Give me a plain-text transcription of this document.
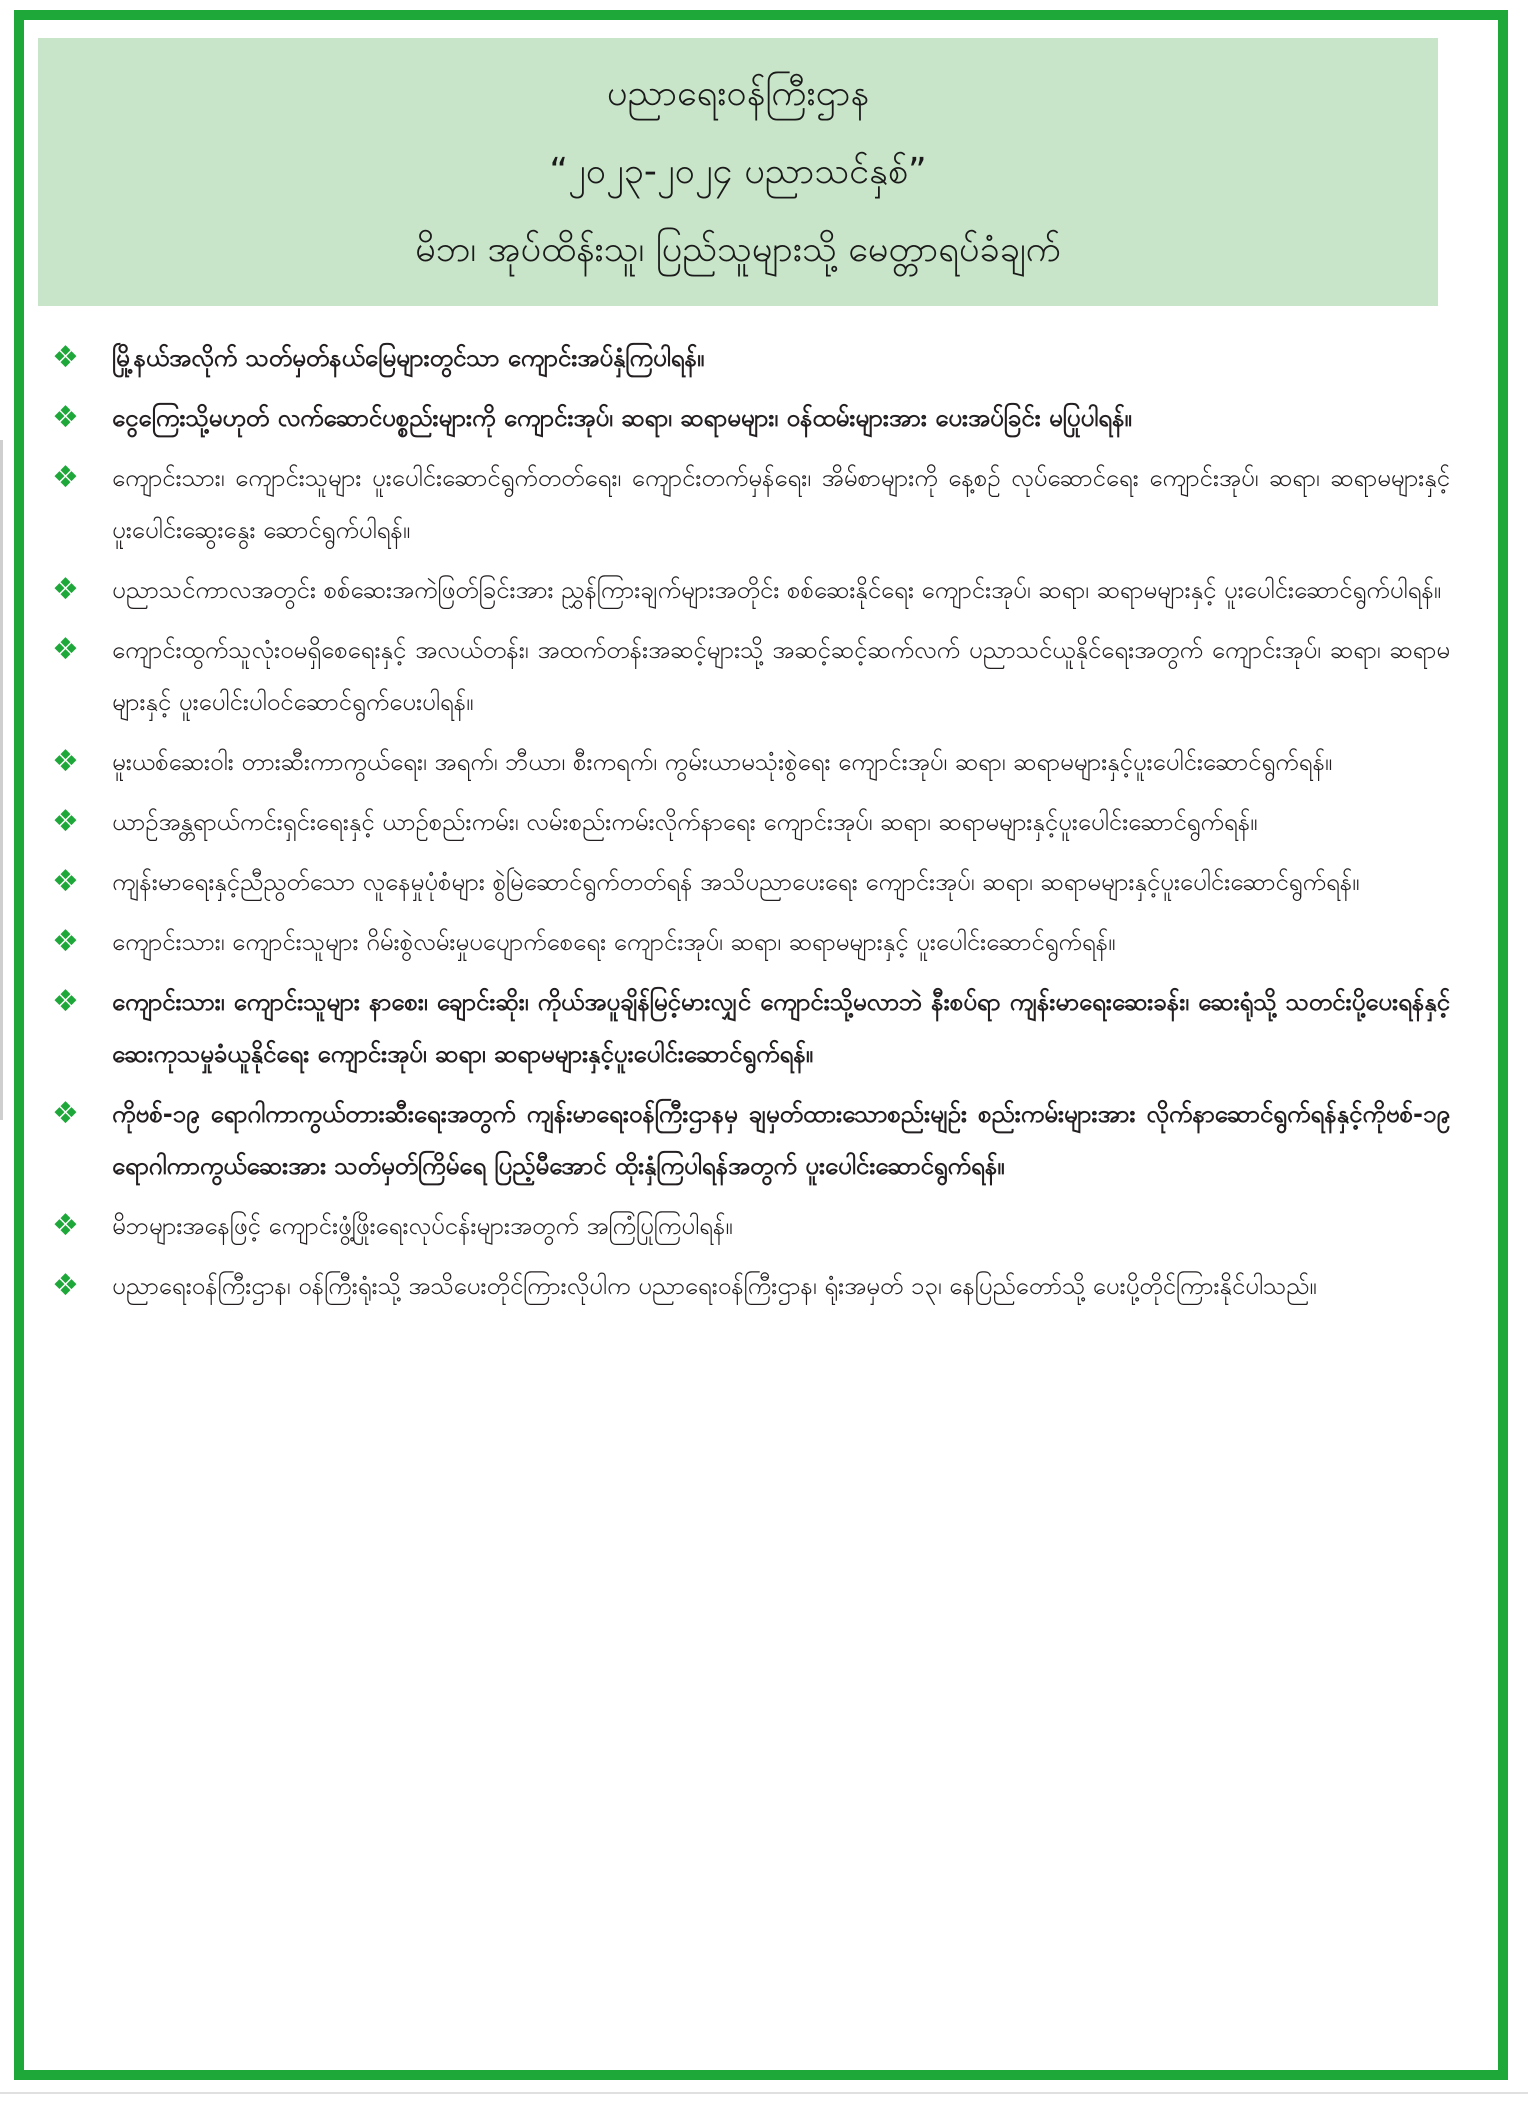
ပညာရေးဝန်ကြီးဌာန
“၂၀၂၃-၂၀၂၄ ပညာသင်နှစ်”
မိဘ၊ အုပ်ထိန်းသူ၊ ပြည်သူများသို့ မေတ္တာရပ်ခံချက်
❖	မြို့နယ်အလိုက် သတ်မှတ်နယ်မြေများတွင်သာ ကျောင်းအပ်နှံကြပါရန်။
❖	ငွေကြေးသို့မဟုတ် လက်ဆောင်ပစ္စည်းများကို ကျောင်းအုပ်၊ ဆရာ၊ ဆရာမများ၊ ဝန်ထမ်းများအား ပေးအပ်ခြင်း မပြုပါရန်။
❖	ကျောင်းသား၊ ကျောင်းသူများ ပူးပေါင်းဆောင်ရွက်တတ်ရေး၊ ကျောင်းတက်မှန်ရေး၊ အိမ်စာများကို နေ့စဉ် လုပ်ဆောင်ရေး ကျောင်းအုပ်၊ ဆရာ၊ ဆရာမများနှင့် ပူးပေါင်းဆွေးနွေး ဆောင်ရွက်ပါရန်။
❖	ပညာသင်ကာလအတွင်း စစ်ဆေးအကဲဖြတ်ခြင်းအား ညွှန်ကြားချက်များအတိုင်း စစ်ဆေးနိုင်ရေး ကျောင်းအုပ်၊ ဆရာ၊ ဆရာမများနှင့် ပူးပေါင်းဆောင်ရွက်ပါရန်။
❖	ကျောင်းထွက်သူလုံးဝမရှိစေရေးနှင့် အလယ်တန်း၊ အထက်တန်းအဆင့်များသို့ အဆင့်ဆင့်ဆက်လက် ပညာသင်ယူနိုင်ရေးအတွက် ကျောင်းအုပ်၊ ဆရာ၊ ဆရာမများနှင့် ပူးပေါင်းပါဝင်ဆောင်ရွက်ပေးပါရန်။
❖	မူးယစ်ဆေးဝါး တားဆီးကာကွယ်ရေး၊ အရက်၊ ဘီယာ၊ စီးကရက်၊ ကွမ်းယာမသုံးစွဲရေး ကျောင်းအုပ်၊ ဆရာ၊ ဆရာမများနှင့်ပူးပေါင်းဆောင်ရွက်ရန်။
❖	ယာဉ်အန္တရာယ်ကင်းရှင်းရေးနှင့် ယာဉ်စည်းကမ်း၊ လမ်းစည်းကမ်းလိုက်နာရေး ကျောင်းအုပ်၊ ဆရာ၊ ဆရာမများနှင့်ပူးပေါင်းဆောင်ရွက်ရန်။
❖	ကျန်းမာရေးနှင့်ညီညွတ်သော လူနေမှုပုံစံများ စွဲမြဲဆောင်ရွက်တတ်ရန် အသိပညာပေးရေး ကျောင်းအုပ်၊ ဆရာ၊ ဆရာမများနှင့်ပူးပေါင်းဆောင်ရွက်ရန်။
❖	ကျောင်းသား၊ ကျောင်းသူများ ဂိမ်းစွဲလမ်းမှုပပျောက်စေရေး ကျောင်းအုပ်၊ ဆရာ၊ ဆရာမများနှင့် ပူးပေါင်းဆောင်ရွက်ရန်။
❖	ကျောင်းသား၊ ကျောင်းသူများ နာစေး၊ ချောင်းဆိုး၊ ကိုယ်အပူချိန်မြင့်မားလျှင် ကျောင်းသို့မလာဘဲ နီးစပ်ရာ ကျန်းမာရေးဆေးခန်း၊ ဆေးရုံသို့ သတင်းပို့ပေးရန်နှင့် ဆေးကုသမှုခံယူနိုင်ရေး ကျောင်းအုပ်၊ ဆရာ၊ ဆရာမများနှင့်ပူးပေါင်းဆောင်ရွက်ရန်။
❖	ကိုဗစ်-၁၉ ရောဂါကာကွယ်တားဆီးရေးအတွက် ကျန်းမာရေးဝန်ကြီးဌာနမှ ချမှတ်ထားသောစည်းမျဉ်း စည်းကမ်းများအား လိုက်နာဆောင်ရွက်ရန်နှင့်ကိုဗစ်-၁၉ ရောဂါကာကွယ်ဆေးအား သတ်မှတ်ကြိမ်ရေ ပြည့်မီအောင် ထိုးနှံကြပါရန်အတွက် ပူးပေါင်းဆောင်ရွက်ရန်။
❖	မိဘများအနေဖြင့် ကျောင်းဖွံ့ဖြိုးရေးလုပ်ငန်းများအတွက် အကြံပြုကြပါရန်။
❖	ပညာရေးဝန်ကြီးဌာန၊ ဝန်ကြီးရုံးသို့ အသိပေးတိုင်ကြားလိုပါက ပညာရေးဝန်ကြီးဌာန၊ ရုံးအမှတ် ၁၃၊ နေပြည်တော်သို့ ပေးပို့တိုင်ကြားနိုင်ပါသည်။
